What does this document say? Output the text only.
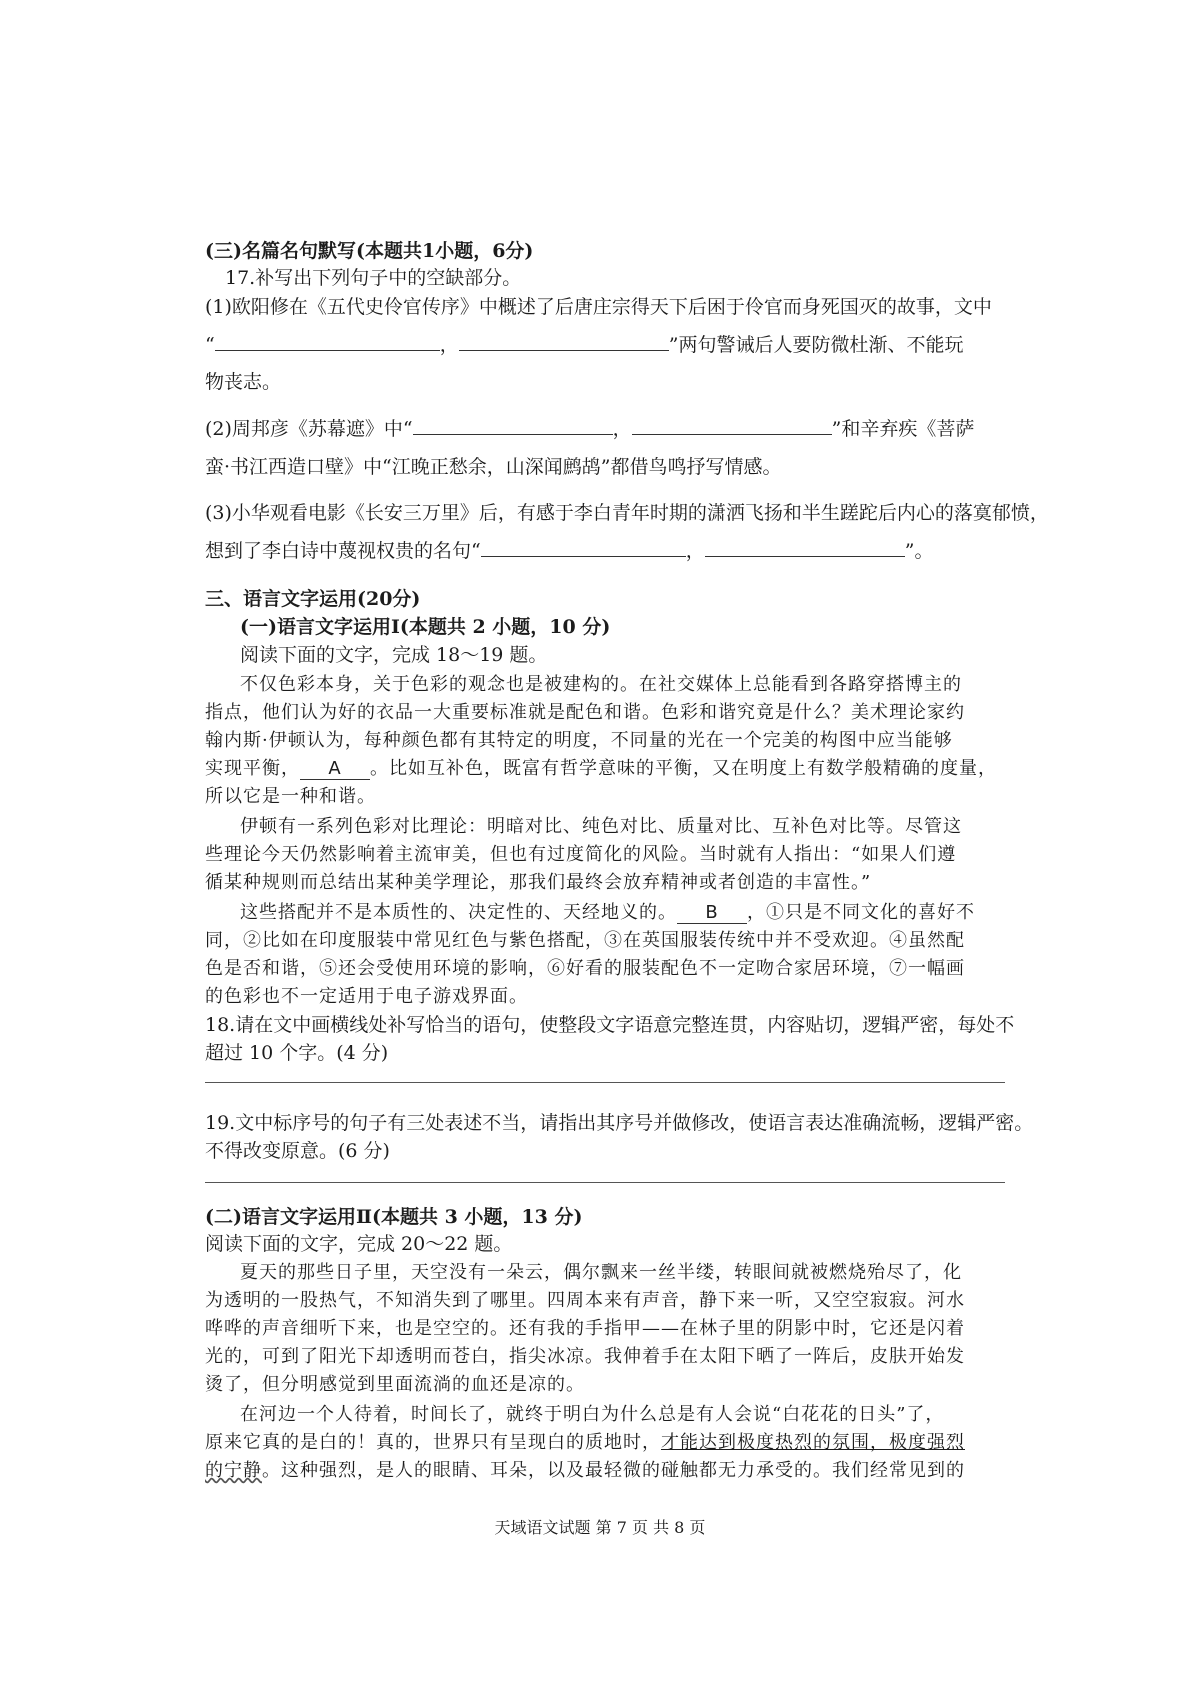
(三)名篇名句默写(本题共1小题，6分)
17.补写出下列句子中的空缺部分。
(1)欧阳修在《五代史伶官传序》中概述了后唐庄宗得天下后困于伶官而身死国灭的故事，文中
“	，	”两句警诫后人要防微杜渐、不能玩
物丧志。
(2)周邦彦《苏幕遮》中“	，	”和辛弃疾《菩萨
蛮·书江西造口壁》中“江晚正愁余，山深闻鹧鸪”都借鸟鸣抒写情感。
(3)小华观看电影《长安三万里》后，有感于李白青年时期的潇洒飞扬和半生蹉跎后内心的落寞郁愤，
想到了李白诗中蔑视权贵的名句“	，	”。
三、语言文字运用(20分)
(一)语言文字运用Ⅰ(本题共 2 小题，10 分)
阅读下面的文字，完成 18～19 题。
不仅色彩本身，关于色彩的观念也是被建构的。在社交媒体上总能看到各路穿搭博主的
指点，他们认为好的衣品一大重要标准就是配色和谐。色彩和谐究竟是什么？美术理论家约
翰内斯·伊顿认为，每种颜色都有其特定的明度，不同量的光在一个完美的构图中应当能够
实现平衡， A 。比如互补色，既富有哲学意味的平衡，又在明度上有数学般精确的度量，
所以它是一种和谐。
伊顿有一系列色彩对比理论：明暗对比、纯色对比、质量对比、互补色对比等。尽管这
些理论今天仍然影响着主流审美，但也有过度简化的风险。当时就有人指出：“如果人们遵
循某种规则而总结出某种美学理论，那我们最终会放弃精神或者创造的丰富性。”
这些搭配并不是本质性的、决定性的、天经地义的。 B ，①只是不同文化的喜好不
同，②比如在印度服装中常见红色与紫色搭配，③在英国服装传统中并不受欢迎。④虽然配
色是否和谐，⑤还会受使用环境的影响，⑥好看的服装配色不一定吻合家居环境，⑦一幅画
的色彩也不一定适用于电子游戏界面。
18.请在文中画横线处补写恰当的语句，使整段文字语意完整连贯，内容贴切，逻辑严密，每处不
超过 10 个字。(4 分)
19.文中标序号的句子有三处表述不当，请指出其序号并做修改，使语言表达准确流畅，逻辑严密。
不得改变原意。(6 分)
(二)语言文字运用Ⅱ(本题共 3 小题，13 分)
阅读下面的文字，完成 20～22 题。
夏天的那些日子里，天空没有一朵云，偶尔飘来一丝半缕，转眼间就被燃烧殆尽了，化
为透明的一股热气，不知消失到了哪里。四周本来有声音，静下来一听，又空空寂寂。河水
哗哗的声音细听下来，也是空空的。还有我的手指甲——在林子里的阴影中时，它还是闪着
光的，可到了阳光下却透明而苍白，指尖冰凉。我伸着手在太阳下晒了一阵后，皮肤开始发
烫了，但分明感觉到里面流淌的血还是凉的。
在河边一个人待着，时间长了，就终于明白为什么总是有人会说“白花花的日头”了，
原来它真的是白的！真的，世界只有呈现白的质地时，才能达到极度热烈的氛围，极度强烈
的宁静。这种强烈，是人的眼睛、耳朵，以及最轻微的碰触都无力承受的。我们经常见到的
天域语文试题 第 7 页 共 8 页
